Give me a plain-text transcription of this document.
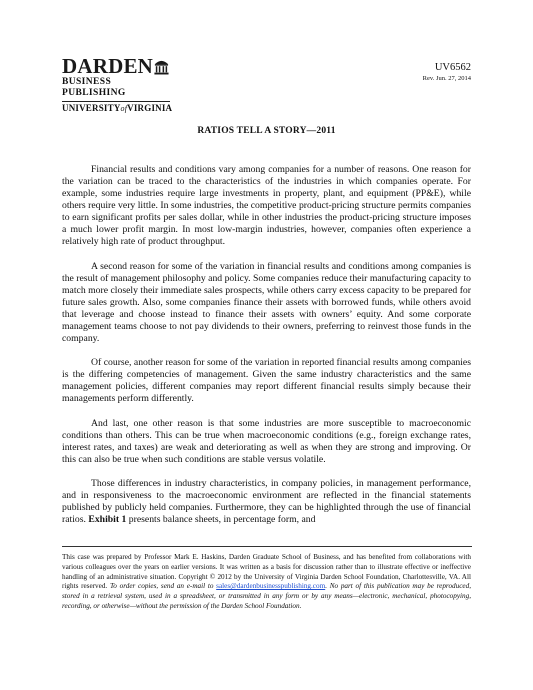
DARDEN
BUSINESS PUBLISHING
UNIVERSITYofVIRGINIA
UV6562
Rev. Jun. 27, 2014
RATIOS TELL A STORY—2011

Financial results and conditions vary among companies for a number of reasons. One reason for the variation can be traced to the characteristics of the industries in which companies operate. For example, some industries require large investments in property, plant, and equipment (PP&E), while others require very little. In some industries, the competitive product-pricing structure permits companies to earn significant profits per sales dollar, while in other industries the product-pricing structure imposes a much lower profit margin. In most low-margin industries, however, companies often experience a relatively high rate of product throughput.

A second reason for some of the variation in financial results and conditions among companies is the result of management philosophy and policy. Some companies reduce their manufacturing capacity to match more closely their immediate sales prospects, while others carry excess capacity to be prepared for future sales growth. Also, some companies finance their assets with borrowed funds, while others avoid that leverage and choose instead to finance their assets with owners’ equity. And some corporate management teams choose to not pay dividends to their owners, preferring to reinvest those funds in the company.

Of course, another reason for some of the variation in reported financial results among companies is the differing competencies of management. Given the same industry characteristics and the same management policies, different companies may report different financial results simply because their managements perform differently.

And last, one other reason is that some industries are more susceptible to macroeconomic conditions than others. This can be true when macroeconomic conditions (e.g., foreign exchange rates, interest rates, and taxes) are weak and deteriorating as well as when they are strong and improving. Or this can also be true when such conditions are stable versus volatile.

Those differences in industry characteristics, in company policies, in management performance, and in responsiveness to the macroeconomic environment are reflected in the financial statements published by publicly held companies. Furthermore, they can be highlighted through the use of financial ratios. Exhibit 1 presents balance sheets, in percentage form, and

This case was prepared by Professor Mark E. Haskins, Darden Graduate School of Business, and has benefited from collaborations with various colleagues over the years on earlier versions. It was written as a basis for discussion rather than to illustrate effective or ineffective handling of an administrative situation. Copyright © 2012 by the University of Virginia Darden School Foundation, Charlottesville, VA. All rights reserved. To order copies, send an e-mail to sales@dardenbusinesspublishing.com. No part of this publication may be reproduced, stored in a retrieval system, used in a spreadsheet, or transmitted in any form or by any means—electronic, mechanical, photocopying, recording, or otherwise—without the permission of the Darden School Foundation.
